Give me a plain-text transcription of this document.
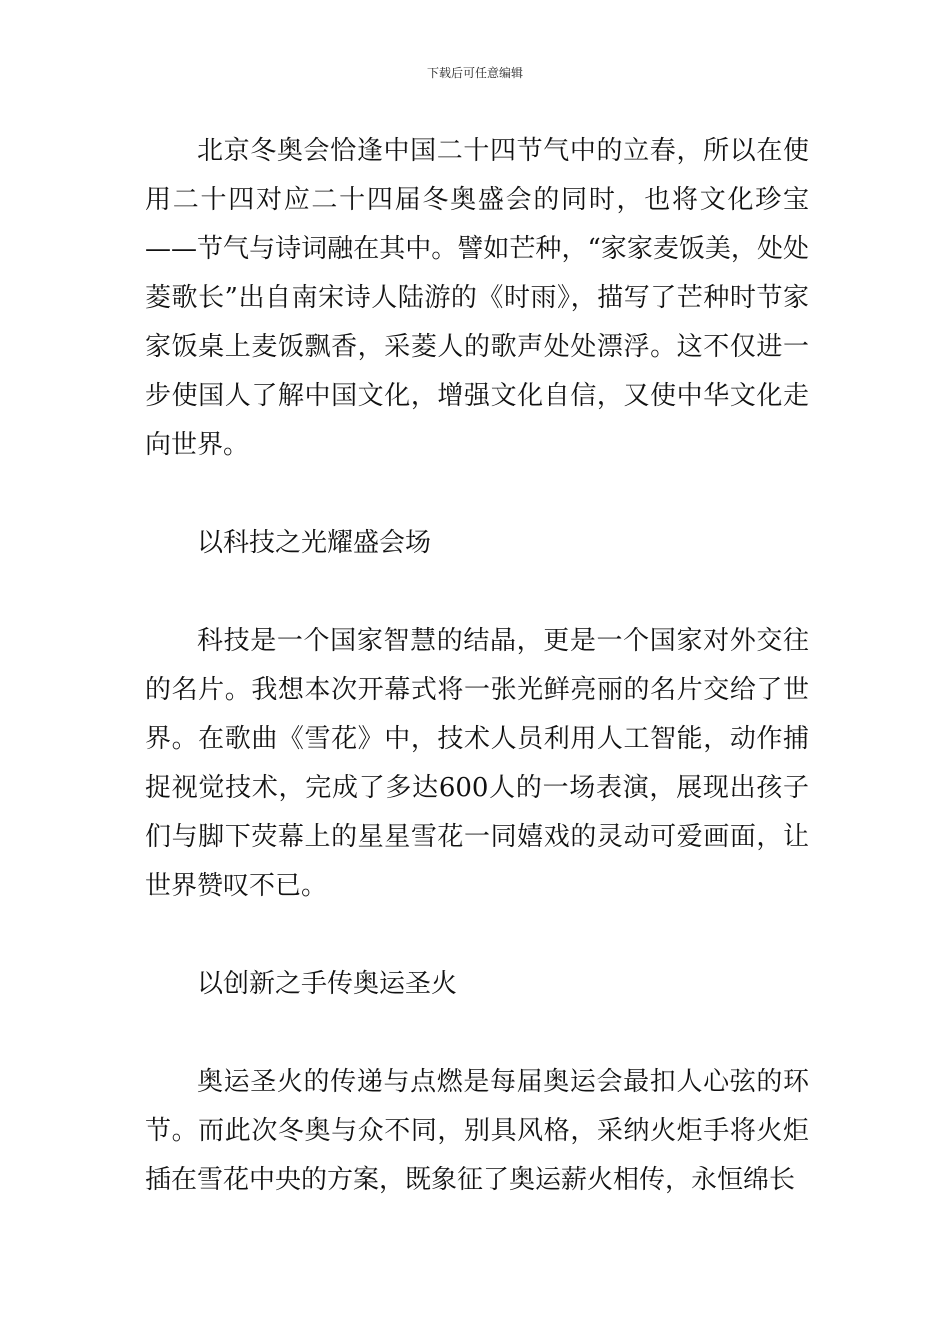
下载后可任意编辑

北京冬奥会恰逢中国二十四节气中的立春，所以在使用二十四对应二十四届冬奥盛会的同时，也将文化珍宝——节气与诗词融在其中。譬如芒种，“家家麦饭美，处处菱歌长”出自南宋诗人陆游的《时雨》，描写了芒种时节家家饭桌上麦饭飘香，采菱人的歌声处处漂浮。这不仅进一步使国人了解中国文化，增强文化自信，又使中华文化走向世界。

以科技之光耀盛会场

科技是一个国家智慧的结晶，更是一个国家对外交往的名片。我想本次开幕式将一张光鲜亮丽的名片交给了世界。在歌曲《雪花》中，技术人员利用人工智能，动作捕捉视觉技术，完成了多达600人的一场表演，展现出孩子们与脚下荧幕上的星星雪花一同嬉戏的灵动可爱画面，让世界赞叹不已。

以创新之手传奥运圣火

奥运圣火的传递与点燃是每届奥运会最扣人心弦的环节。而此次冬奥与众不同，别具风格，采纳火炬手将火炬插在雪花中央的方案，既象征了奥运薪火相传，永恒绵长
